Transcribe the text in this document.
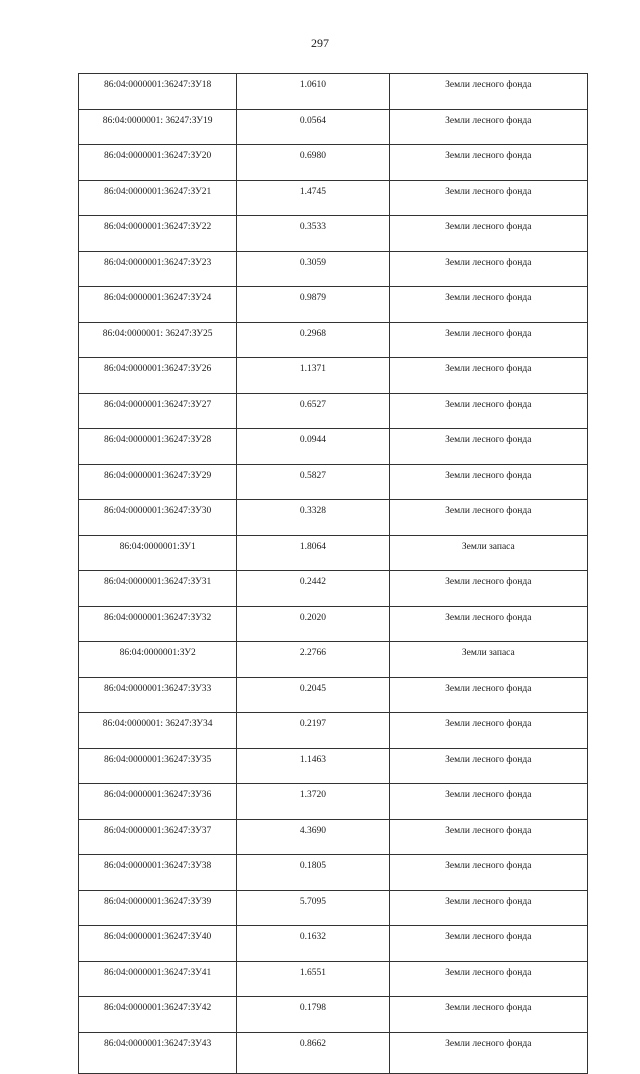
297
86:04:0000001:36247:ЗУ18	1.0610	Земли лесного фонда
86:04:0000001: 36247:ЗУ19	0.0564	Земли лесного фонда
86:04:0000001:36247:ЗУ20	0.6980	Земли лесного фонда
86:04:0000001:36247:ЗУ21	1.4745	Земли лесного фонда
86:04:0000001:36247:ЗУ22	0.3533	Земли лесного фонда
86:04:0000001:36247:ЗУ23	0.3059	Земли лесного фонда
86:04:0000001:36247:ЗУ24	0.9879	Земли лесного фонда
86:04:0000001: 36247:ЗУ25	0.2968	Земли лесного фонда
86:04:0000001:36247:ЗУ26	1.1371	Земли лесного фонда
86:04:0000001:36247:ЗУ27	0.6527	Земли лесного фонда
86:04:0000001:36247:ЗУ28	0.0944	Земли лесного фонда
86:04:0000001:36247:ЗУ29	0.5827	Земли лесного фонда
86:04:0000001:36247:ЗУ30	0.3328	Земли лесного фонда
86:04:0000001:ЗУ1	1.8064	Земли запаса
86:04:0000001:36247:ЗУ31	0.2442	Земли лесного фонда
86:04:0000001:36247:ЗУ32	0.2020	Земли лесного фонда
86:04:0000001:ЗУ2	2.2766	Земли запаса
86:04:0000001:36247:ЗУ33	0.2045	Земли лесного фонда
86:04:0000001: 36247:ЗУ34	0.2197	Земли лесного фонда
86:04:0000001:36247:ЗУ35	1.1463	Земли лесного фонда
86:04:0000001:36247:ЗУ36	1.3720	Земли лесного фонда
86:04:0000001:36247:ЗУ37	4.3690	Земли лесного фонда
86:04:0000001:36247:ЗУ38	0.1805	Земли лесного фонда
86:04:0000001:36247:ЗУ39	5.7095	Земли лесного фонда
86:04:0000001:36247:ЗУ40	0.1632	Земли лесного фонда
86:04:0000001:36247:ЗУ41	1.6551	Земли лесного фонда
86:04:0000001:36247:ЗУ42	0.1798	Земли лесного фонда
86:04:0000001:36247:ЗУ43	0.8662	Земли лесного фонда
